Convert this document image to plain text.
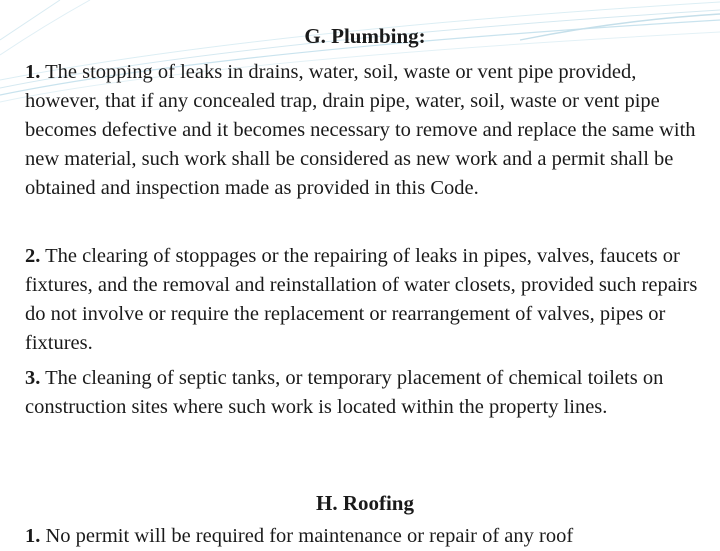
G. Plumbing:
1. The stopping of leaks in drains, water, soil, waste or vent pipe provided, however, that if any concealed trap, drain pipe, water, soil, waste or vent pipe becomes defective and it becomes necessary to remove and replace the same with new material, such work shall be considered as new work and a permit shall be obtained and inspection made as provided in this Code.
2. The clearing of stoppages or the repairing of leaks in pipes, valves, faucets or fixtures, and the removal and reinstallation of water closets, provided such repairs do not involve or require the replacement or rearrangement of valves, pipes or fixtures.
3. The cleaning of septic tanks, or temporary placement of chemical toilets on construction sites where such work is located within the property lines.
H. Roofing
1. No permit will be required for maintenance or repair of any roof
